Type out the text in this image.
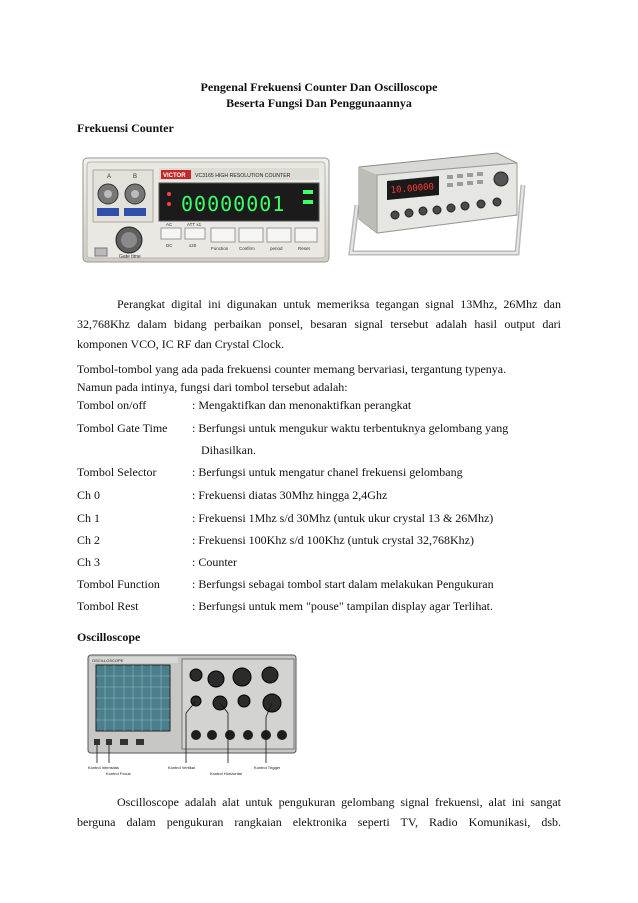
Pengenal Frekuensi Counter Dan Oscilloscope
Beserta Fungsi Dan Penggunaannya
Frekuensi Counter
A	B
Gate time
VICTOR VC3165 HIGH RESOLUTION COUNTER
00000001
AC	ATT x1
DC	x20
Function Confirm	period	Reset
10.00000
Perangkat digital ini digunakan untuk memeriksa tegangan signal 13Mhz, 26Mhz dan 32,768Khz dalam bidang perbaikan ponsel, besaran signal tersebut adalah hasil output dari komponen VCO, IC RF dan Crystal Clock.
Tombol-tombol yang ada pada frekuensi counter memang bervariasi, tergantung typenya.
Namun pada intinya, fungsi dari tombol tersebut adalah:
Tombol on/off	: Mengaktifkan dan menonaktifkan perangkat
Tombol Gate Time	: Berfungsi untuk mengukur waktu terbentuknya gelombang yang
Dihasilkan.
Tombol Selector	: Berfungsi untuk mengatur chanel frekuensi gelombang
Ch 0	: Frekuensi diatas 30Mhz hingga 2,4Ghz
Ch 1	: Frekuensi 1Mhz s/d 30Mhz (untuk ukur crystal 13 & 26Mhz)
Ch 2	: Frekuensi 100Khz s/d 100Khz (untuk crystal 32,768Khz)
Ch 3	: Counter
Tombol Function	: Berfungsi sebagai tombol start dalam melakukan Pengukuran
Tombol Rest	: Berfungsi untuk mem "pouse" tampilan display agar Terlihat.
Oscilloscope
OSCILLOSCOPE
Kontrol Intensitas
Kontrol Focus
Kontrol Vertikal
Kontrol Horizontal
Kontrol Trigger
Oscilloscope adalah alat untuk pengukuran gelombang signal frekuensi, alat ini sangat berguna dalam pengukuran rangkaian elektronika seperti TV, Radio Komunikasi, dsb.
